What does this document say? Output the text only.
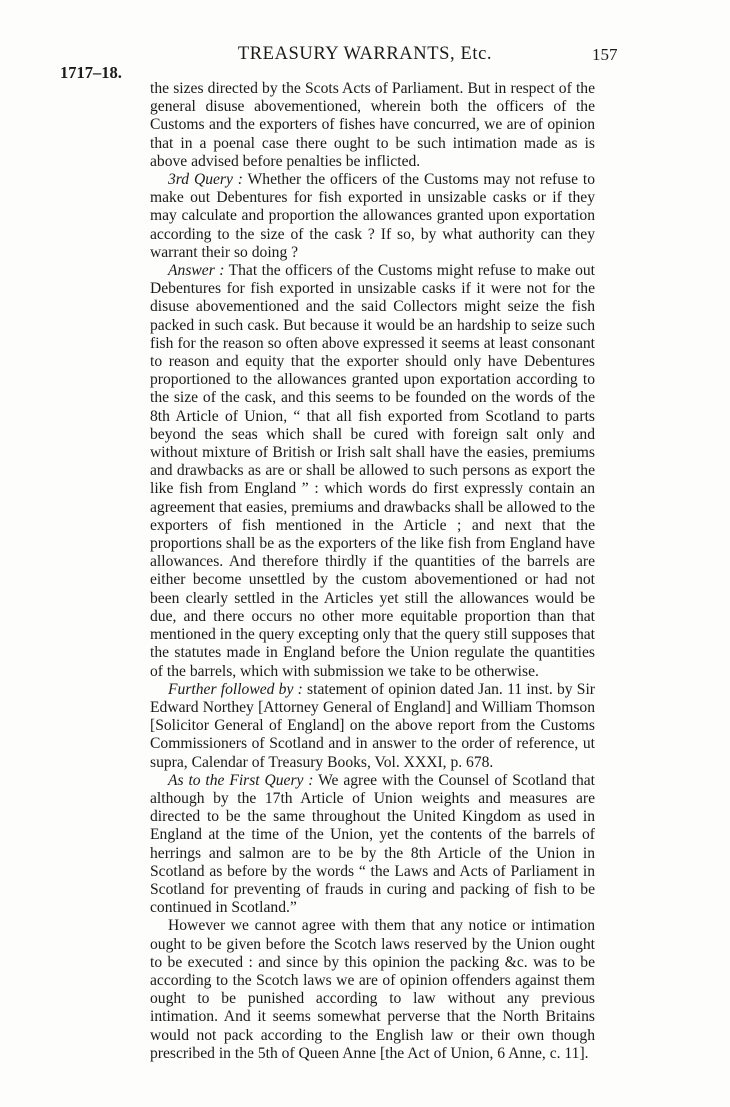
TREASURY WARRANTS, Etc.	157
1717–18.

the sizes directed by the Scots Acts of Parliament. But in respect of the general disuse abovementioned, wherein both the officers of the Customs and the exporters of fishes have concurred, we are of opinion that in a poenal case there ought to be such intimation made as is above advised before penalties be inflicted.

3rd Query : Whether the officers of the Customs may not refuse to make out Debentures for fish exported in unsizable casks or if they may calculate and proportion the allowances granted upon exportation according to the size of the cask ? If so, by what authority can they warrant their so doing ?

Answer : That the officers of the Customs might refuse to make out Debentures for fish exported in unsizable casks if it were not for the disuse abovementioned and the said Collectors might seize the fish packed in such cask. But because it would be an hardship to seize such fish for the reason so often above expressed it seems at least consonant to reason and equity that the exporter should only have Debentures proportioned to the allowances granted upon exportation according to the size of the cask, and this seems to be founded on the words of the 8th Article of Union, “ that all fish exported from Scotland to parts beyond the seas which shall be cured with foreign salt only and without mixture of British or Irish salt shall have the easies, premiums and drawbacks as are or shall be allowed to such persons as export the like fish from England ” : which words do first expressly contain an agreement that easies, premiums and drawbacks shall be allowed to the exporters of fish mentioned in the Article ; and next that the proportions shall be as the exporters of the like fish from England have allowances. And therefore thirdly if the quantities of the barrels are either become unsettled by the custom abovementioned or had not been clearly settled in the Articles yet still the allowances would be due, and there occurs no other more equitable proportion than that mentioned in the query excepting only that the query still supposes that the statutes made in England before the Union regulate the quantities of the barrels, which with submission we take to be otherwise.

Further followed by : statement of opinion dated Jan. 11 inst. by Sir Edward Northey [Attorney General of England] and William Thomson [Solicitor General of England] on the above report from the Customs Commissioners of Scotland and in answer to the order of reference, ut supra, Calendar of Treasury Books, Vol. XXXI, p. 678.

As to the First Query : We agree with the Counsel of Scotland that although by the 17th Article of Union weights and measures are directed to be the same throughout the United Kingdom as used in England at the time of the Union, yet the contents of the barrels of herrings and salmon are to be by the 8th Article of the Union in Scotland as before by the words “ the Laws and Acts of Parliament in Scotland for preventing of frauds in curing and packing of fish to be continued in Scotland.”

However we cannot agree with them that any notice or intimation ought to be given before the Scotch laws reserved by the Union ought to be executed : and since by this opinion the packing &c. was to be according to the Scotch laws we are of opinion offenders against them ought to be punished according to law without any previous intimation. And it seems somewhat perverse that the North Britains would not pack according to the English law or their own though prescribed in the 5th of Queen Anne [the Act of Union, 6 Anne, c. 11].
